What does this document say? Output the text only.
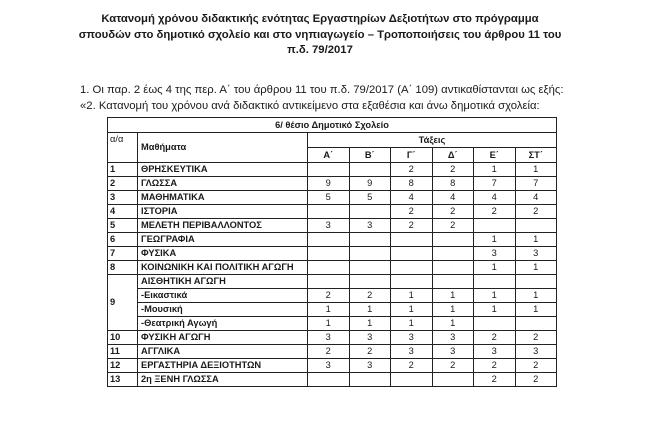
Κατανομή χρόνου διδακτικής ενότητας Εργαστηρίων Δεξιοτήτων στο πρόγραμμα
σπουδών στο δημοτικό σχολείο και στο νηπιαγωγείο – Τροποποιήσεις του άρθρου 11 του
π.δ. 79/2017
1. Οι παρ. 2 έως 4 της περ. Α΄ του άρθρου 11 του π.δ. 79/2017 (Α΄ 109) αντικαθίστανται ως εξής:
«2. Κατανομή του χρόνου ανά διδακτικό αντικείμενο στα εξαθέσια και άνω δημοτικά σχολεία:
6/ θέσιο Δημοτικό Σχολείο							
α/α	Μαθήματα	Τάξεις					
		Α΄	Β΄	Γ΄	Δ΄	Ε΄	ΣΤ΄
1	ΘΡΗΣΚΕΥΤΙΚΑ			2	2	1	1
2	ΓΛΩΣΣΑ	9	9	8	8	7	7
3	ΜΑΘΗΜΑΤΙΚΑ	5	5	4	4	4	4
4	ΙΣΤΟΡΙΑ			2	2	2	2
5	ΜΕΛΕΤΗ ΠΕΡΙΒΑΛΛΟΝΤΟΣ	3	3	2	2		
6	ΓΕΩΓΡΑΦΙΑ					1	1
7	ΦΥΣΙΚΑ					3	3
8	ΚΟΙΝΩΝΙΚΗ ΚΑΙ ΠΟΛΙΤΙΚΗ ΑΓΩΓΗ					1	1
9	ΑΙΣΘΗΤΙΚΗ ΑΓΩΓΗ						
	-Εικαστικά	2	2	1	1	1	1
	-Μουσική	1	1	1	1	1	1
	-Θεατρική Αγωγή	1	1	1	1		
10	ΦΥΣΙΚΗ ΑΓΩΓΗ	3	3	3	3	2	2
11	ΑΓΓΛΙΚΑ	2	2	3	3	3	3
12	ΕΡΓΑΣΤΗΡΙΑ ΔΕΞΙΟΤΗΤΩΝ	3	3	2	2	2	2
13	2η ΞΕΝΗ ΓΛΩΣΣΑ					2	2
